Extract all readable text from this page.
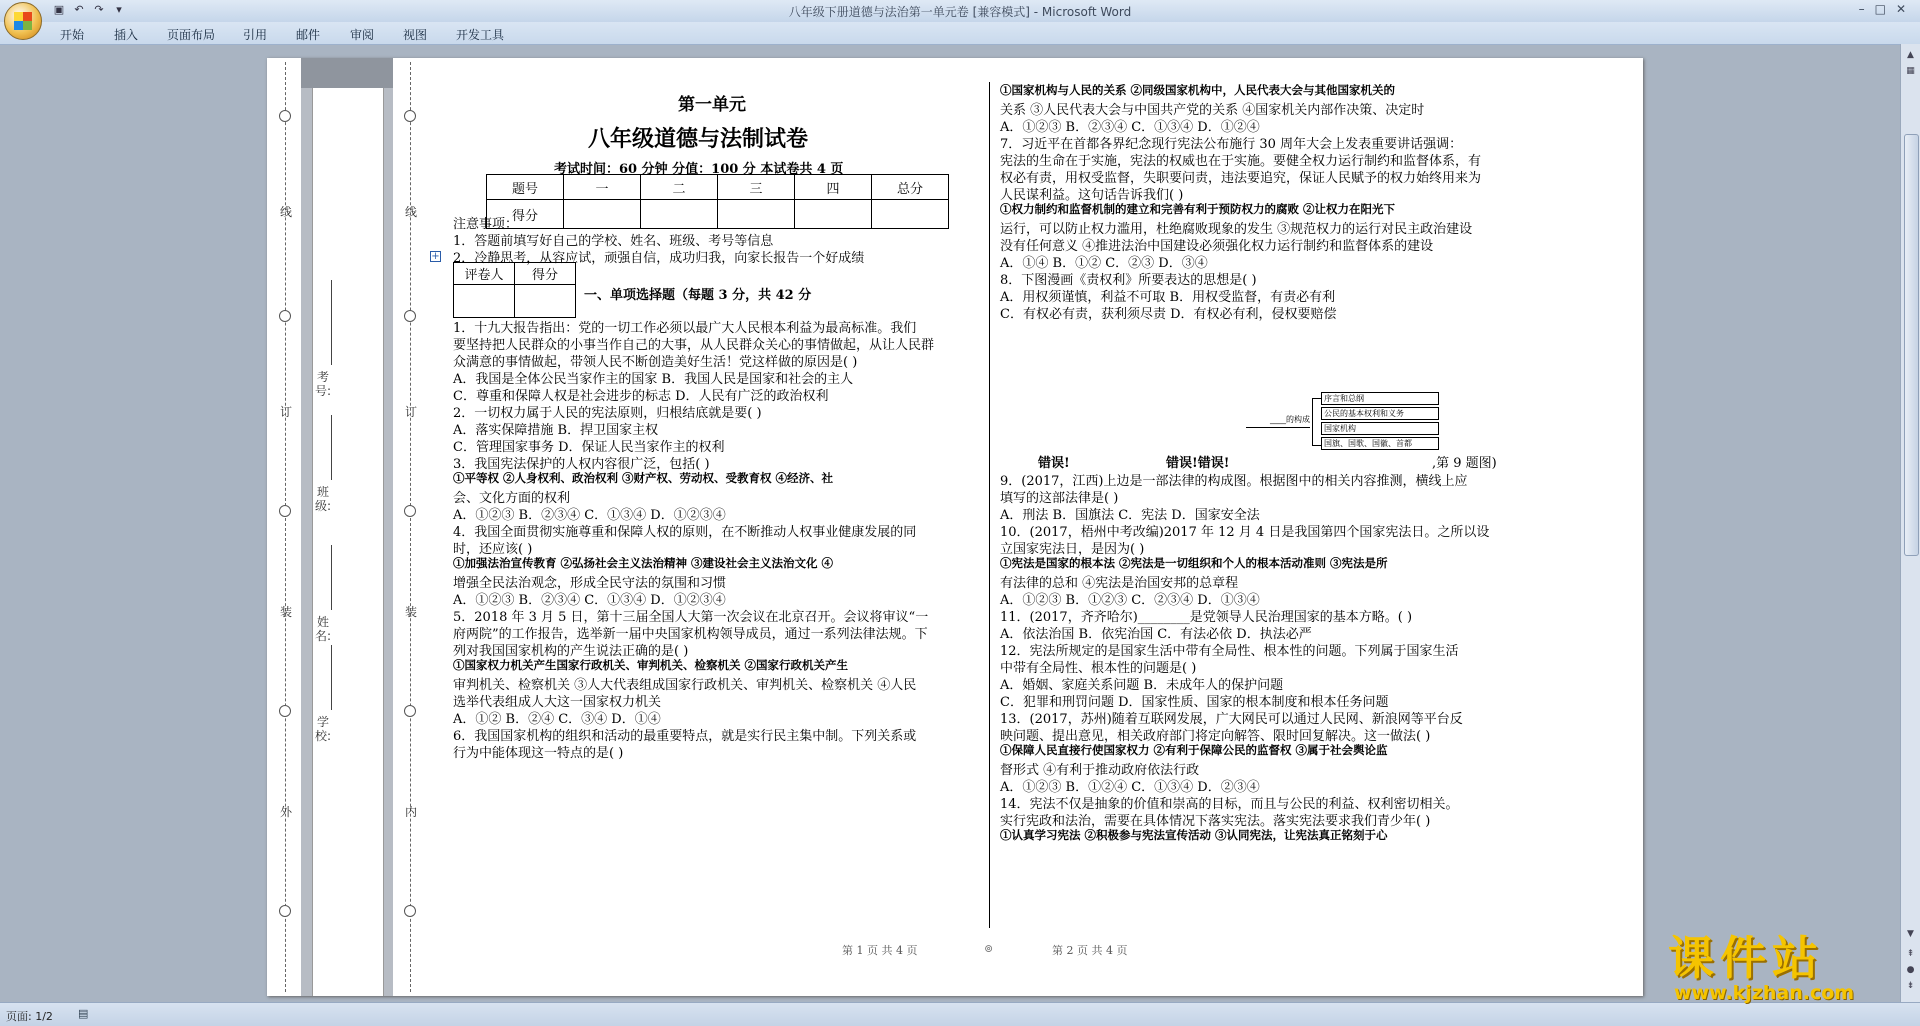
▣ ↶ ↷	▾	八年级下册道德与法治第一单元卷 [兼容模式] - Microsoft Word	–□✕
开始 插入 页面布局 引用 邮件 审阅 视图 开发工具
▲
▦
▼
⇞
●
⇟
线
订
装
外
线
订
装
内
学校:
姓名:
班级:
考号:
第一单元
八年级道德与法制试卷
考试时间：60 分钟 分值：100 分 本试卷共 4 页
题号	一	二	三	四	总分
得分					
注意事项：
1．答题前填写好自己的学校、姓名、班级、考号等信息
2．冷静思考，从容应试，顽强自信，成功归我，向家长报告一个好成绩
+
评卷人	得分

一、单项选择题（每题 3 分，共 42 分
1．十九大报告指出：党的一切工作必须以最广大人民根本利益为最高标准。我们
要坚持把人民群众的小事当作自己的大事，从人民群众关心的事情做起，从让人民群
众满意的事情做起，带领人民不断创造美好生活！党这样做的原因是( )
A．我国是全体公民当家作主的国家 B．我国人民是国家和社会的主人
C．尊重和保障人权是社会进步的标志 D．人民有广泛的政治权利
2．一切权力属于人民的宪法原则，归根结底就是要( )
A．落实保障措施 B．捍卫国家主权
C．管理国家事务 D．保证人民当家作主的权利
3．我国宪法保护的人权内容很广泛，包括( )
①平等权 ②人身权利、政治权利 ③财产权、劳动权、受教育权 ④经济、社
会、文化方面的权利
A．①②③ B．②③④ C．①③④ D．①②③④
4．我国全面贯彻实施尊重和保障人权的原则，在不断推动人权事业健康发展的同
时，还应该( )
①加强法治宣传教育 ②弘扬社会主义法治精神 ③建设社会主义法治文化 ④
增强全民法治观念，形成全民守法的氛围和习惯
A．①②③ B．②③④ C．①③④ D．①②③④
5．2018 年 3 月 5 日，第十三届全国人大第一次会议在北京召开。会议将审议“一
府两院”的工作报告，选举新一届中央国家机构领导成员，通过一系列法律法规。下
列对我国国家机构的产生说法正确的是( )
①国家权力机关产生国家行政机关、审判机关、检察机关 ②国家行政机关产生
审判机关、检察机关 ③人大代表组成国家行政机关、审判机关、检察机关 ④人民
选举代表组成人大这一国家权力机关
A．①② B．②④ C．③④ D．①④
6．我国国家机构的组织和活动的最重要特点，就是实行民主集中制。下列关系或
行为中能体现这一特点的是( )
①国家机构与人民的关系 ②同级国家机构中，人民代表大会与其他国家机关的
关系 ③人民代表大会与中国共产党的关系 ④国家机关内部作决策、决定时
A．①②③ B．②③④ C．①③④ D．①②④
7．习近平在首都各界纪念现行宪法公布施行 30 周年大会上发表重要讲话强调：
宪法的生命在于实施，宪法的权威也在于实施。要健全权力运行制约和监督体系，有
权必有责，用权受监督，失职要问责，违法要追究，保证人民赋予的权力始终用来为
人民谋利益。这句话告诉我们( )
①权力制约和监督机制的建立和完善有利于预防权力的腐败 ②让权力在阳光下
运行，可以防止权力滥用，杜绝腐败现象的发生 ③规范权力的运行对民主政治建设
没有任何意义 ④推进法治中国建设必须强化权力运行制约和监督体系的建设
A．①④ B．①② C．②③ D．③④
8．下图漫画《责权利》所要表达的思想是( )
A．用权须谨慎，利益不可取 B．用权受监督，有责必有利
C．有权必有责，获利须尽责 D．有权必有利，侵权要赔偿
____的构成
序言和总纲
公民的基本权利和义务
国家机构
国旗、国歌、国徽、首都
错误!	错误!错误!	,第 9 题图)
9．(2017，江西)上边是一部法律的构成图。根据图中的相关内容推测，横线上应
填写的这部法律是( )
A．刑法 B．国旗法 C．宪法 D．国家安全法
10．(2017，梧州中考改编)2017 年 12 月 4 日是我国第四个国家宪法日。之所以设
立国家宪法日，是因为( )
①宪法是国家的根本法 ②宪法是一切组织和个人的根本活动准则 ③宪法是所
有法律的总和 ④宪法是治国安邦的总章程
A．①②③ B．①②③ C．②③④ D．①③④
11．(2017，齐齐哈尔)________是党领导人民治理国家的基本方略。( )
A．依法治国 B．依宪治国 C．有法必依 D．执法必严
12．宪法所规定的是国家生活中带有全局性、根本性的问题。下列属于国家生活
中带有全局性、根本性的问题是( )
A．婚姻、家庭关系问题 B．未成年人的保护问题
C．犯罪和刑罚问题 D．国家性质、国家的根本制度和根本任务问题
13．(2017，苏州)随着互联网发展，广大网民可以通过人民网、新浪网等平台反
映问题、提出意见，相关政府部门将定向解答、限时回复解决。这一做法( )
①保障人民直接行使国家权力 ②有利于保障公民的监督权 ③属于社会舆论监
督形式 ④有利于推动政府依法行政
A．①②③ B．①②④ C．①③④ D．②③④
14．宪法不仅是抽象的价值和崇高的目标，而且与公民的利益、权利密切相关。
实行宪政和法治，需要在具体情况下落实宪法。落实宪法要求我们青少年( )
①认真学习宪法 ②积极参与宪法宣传活动 ③认同宪法，让宪法真正铭刻于心
第 1 页 共 4 页	⊚	第 2 页 共 4 页
页面: 1/2 ▤
课件站
www.kjzhan.com
